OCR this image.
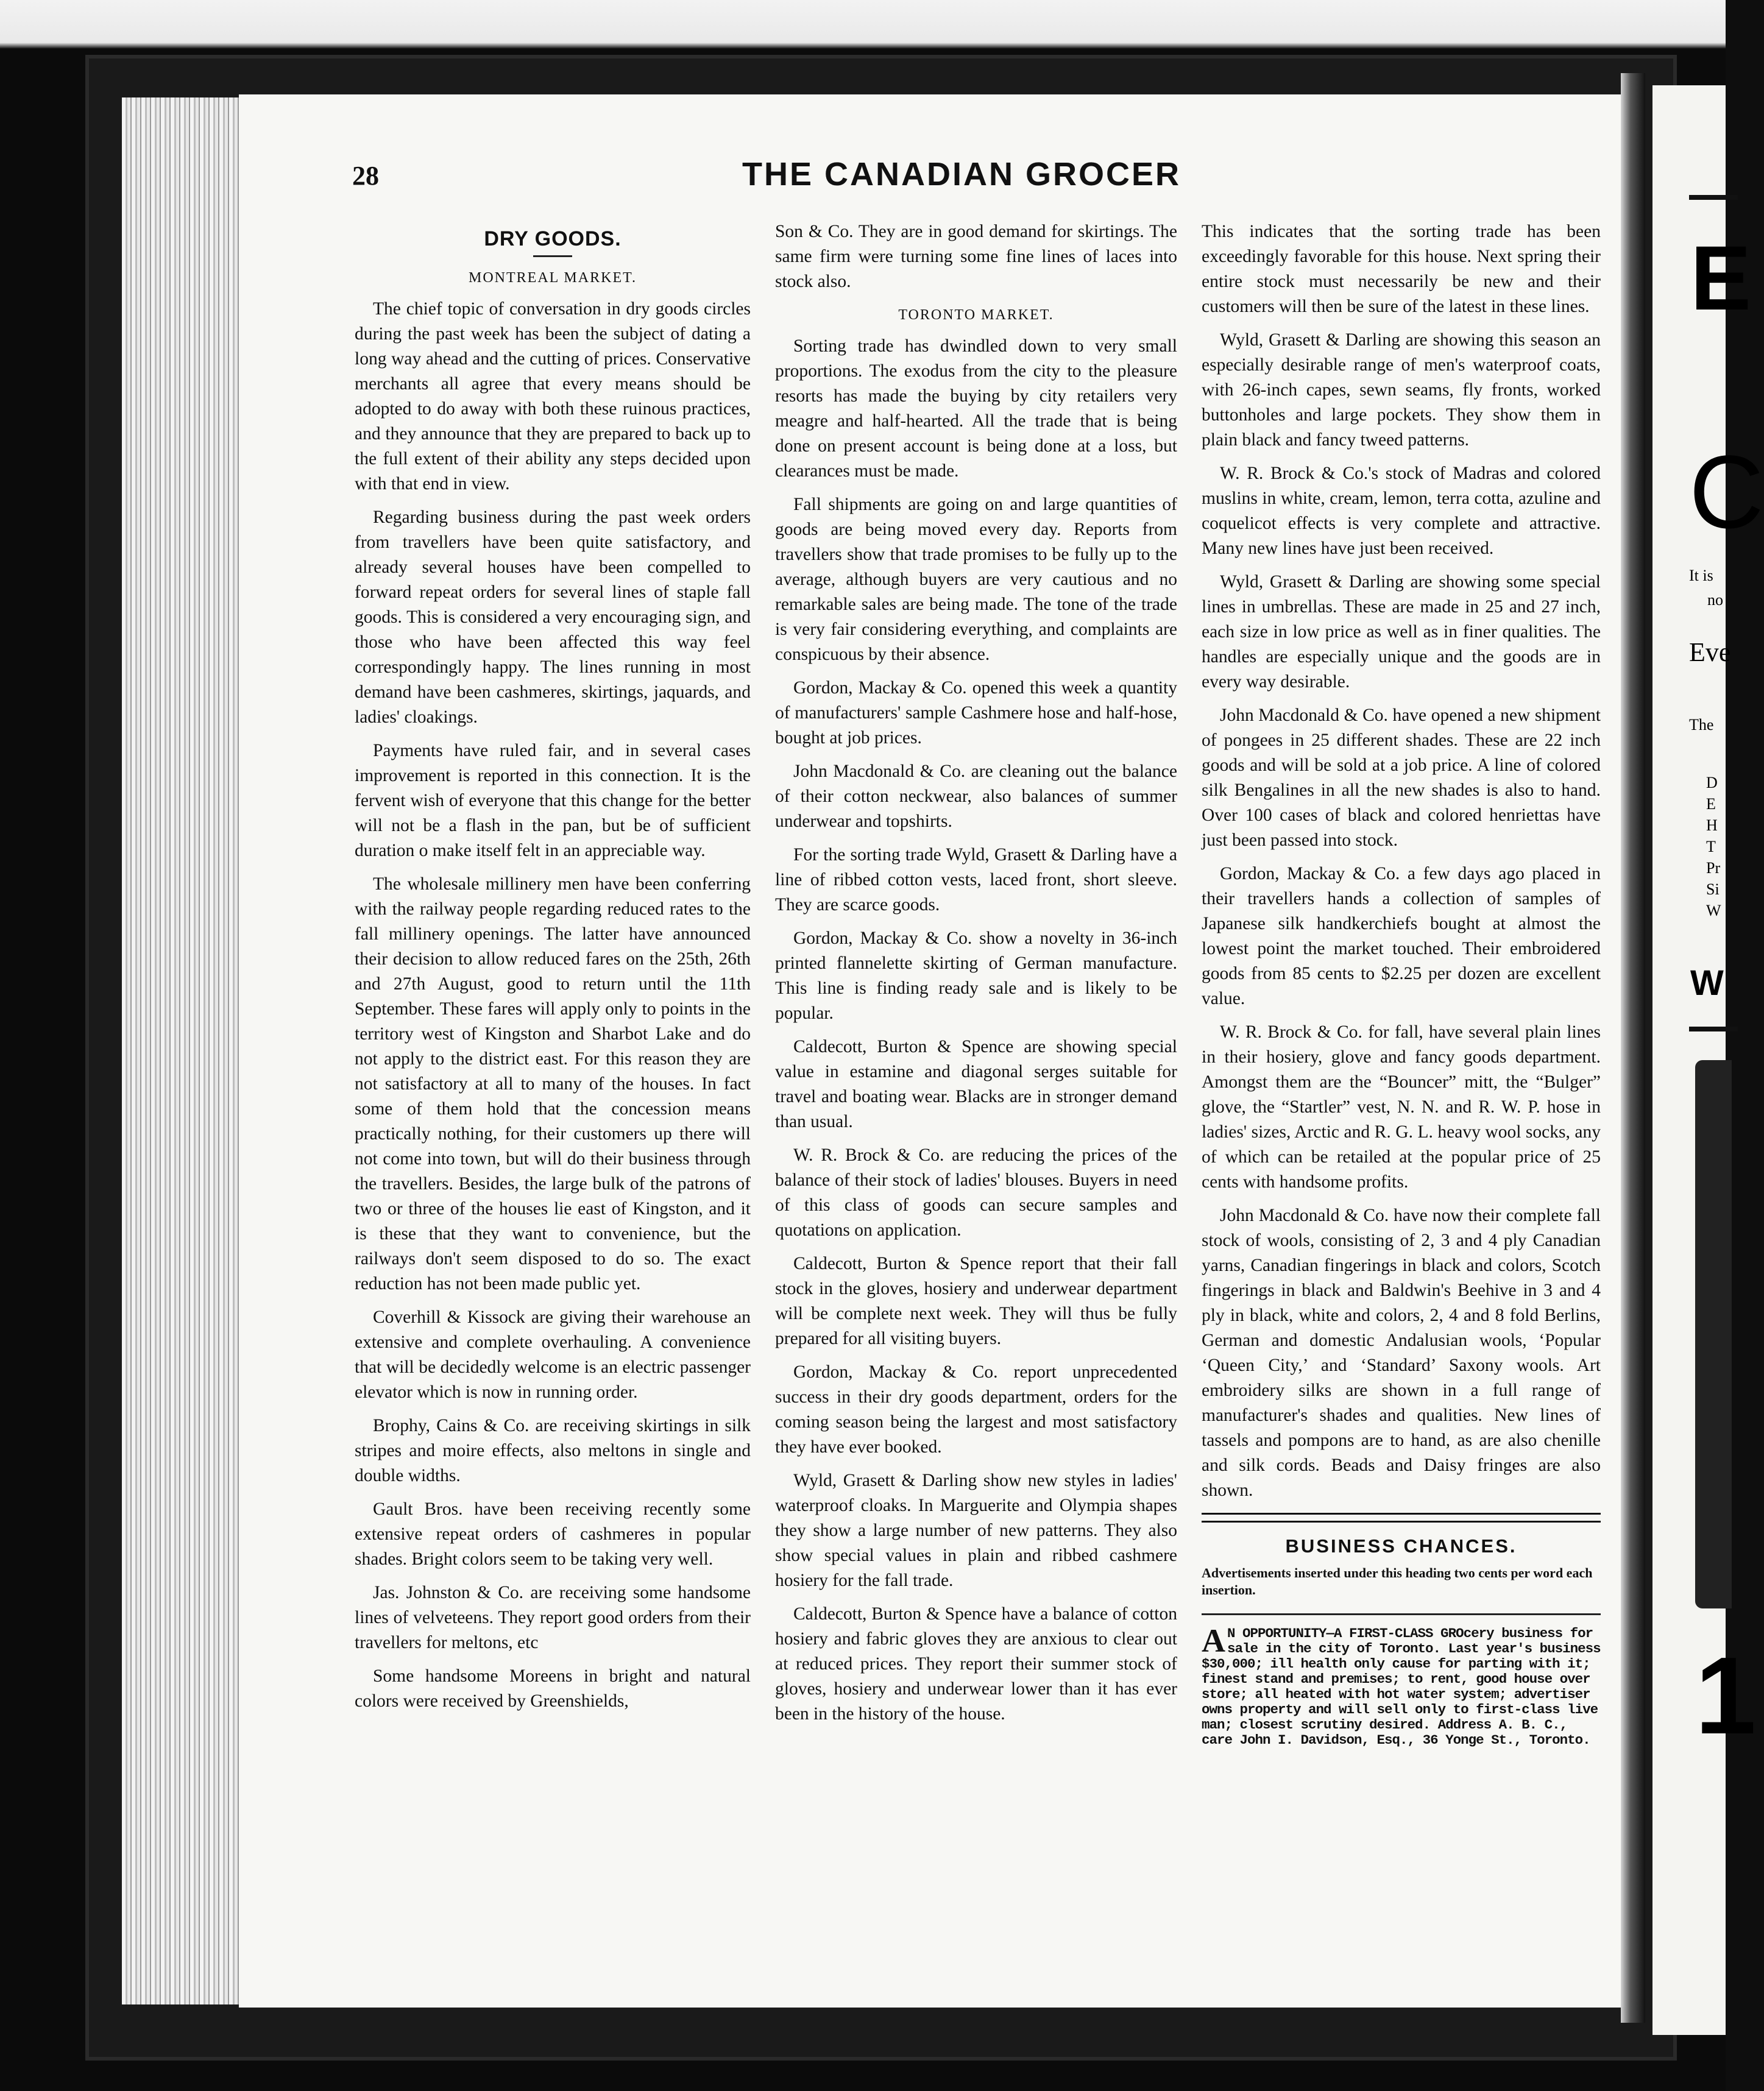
E
C
It is
no
Eve
The
D
E
H
T
Pr
Si
W
W
1
28	THE CANADIAN GROCER
DRY GOODS.
MONTREAL MARKET.

The chief topic of conversation in dry goods circles during the past week has been the subject of dating a long way ahead and the cutting of prices. Conservative merchants all agree that every means should be adopted to do away with both these ruinous practices, and they announce that they are prepared to back up to the full extent of their ability any steps decided upon with that end in view.

Regarding business during the past week orders from travellers have been quite satisfactory, and already several houses have been compelled to forward repeat orders for several lines of staple fall goods. This is considered a very encouraging sign, and those who have been affected this way feel correspondingly happy. The lines running in most demand have been cashmeres, skirtings, jaquards, and ladies' cloakings.

Payments have ruled fair, and in several cases improvement is reported in this connection. It is the fervent wish of everyone that this change for the better will not be a flash in the pan, but be of sufficient duration o make itself felt in an appreciable way.

The wholesale millinery men have been conferring with the railway people regarding reduced rates to the fall millinery openings. The latter have announced their decision to allow reduced fares on the 25th, 26th and 27th August, good to return until the 11th September. These fares will apply only to points in the territory west of Kingston and Sharbot Lake and do not apply to the district east. For this reason they are not satisfactory at all to many of the houses. In fact some of them hold that the concession means practically nothing, for their customers up there will not come into town, but will do their business through the travellers. Besides, the large bulk of the patrons of two or three of the houses lie east of Kingston, and it is these that they want to convenience, but the railways don't seem disposed to do so. The exact reduction has not been made public yet.

Coverhill & Kissock are giving their warehouse an extensive and complete overhauling. A convenience that will be decidedly welcome is an electric passenger elevator which is now in running order.

Brophy, Cains & Co. are receiving skirtings in silk stripes and moire effects, also meltons in single and double widths.

Gault Bros. have been receiving recently some extensive repeat orders of cashmeres in popular shades. Bright colors seem to be taking very well.

Jas. Johnston & Co. are receiving some handsome lines of velveteens. They report good orders from their travellers for meltons, etc

Some handsome Moreens in bright and natural colors were received by Greenshields,

Son & Co. They are in good demand for skirtings. The same firm were turning some fine lines of laces into stock also.

TORONTO MARKET.

Sorting trade has dwindled down to very small proportions. The exodus from the city to the pleasure resorts has made the buying by city retailers very meagre and half-hearted. All the trade that is being done on present account is being done at a loss, but clearances must be made.

Fall shipments are going on and large quantities of goods are being moved every day. Reports from travellers show that trade promises to be fully up to the average, although buyers are very cautious and no remarkable sales are being made. The tone of the trade is very fair considering everything, and complaints are conspicuous by their absence.

Gordon, Mackay & Co. opened this week a quantity of manufacturers' sample Cashmere hose and half-hose, bought at job prices.

John Macdonald & Co. are cleaning out the balance of their cotton neckwear, also balances of summer underwear and topshirts.

For the sorting trade Wyld, Grasett & Darling have a line of ribbed cotton vests, laced front, short sleeve. They are scarce goods.

Gordon, Mackay & Co. show a novelty in 36-inch printed flannelette skirting of German manufacture. This line is finding ready sale and is likely to be popular.

Caldecott, Burton & Spence are showing special value in estamine and diagonal serges suitable for travel and boating wear. Blacks are in stronger demand than usual.

W. R. Brock & Co. are reducing the prices of the balance of their stock of ladies' blouses. Buyers in need of this class of goods can secure samples and quotations on application.

Caldecott, Burton & Spence report that their fall stock in the gloves, hosiery and underwear department will be complete next week. They will thus be fully prepared for all visiting buyers.

Gordon, Mackay & Co. report unprecedented success in their dry goods department, orders for the coming season being the largest and most satisfactory they have ever booked.

Wyld, Grasett & Darling show new styles in ladies' waterproof cloaks. In Marguerite and Olympia shapes they show a large number of new patterns. They also show special values in plain and ribbed cashmere hosiery for the fall trade.

Caldecott, Burton & Spence have a balance of cotton hosiery and fabric gloves they are anxious to clear out at reduced prices. They report their summer stock of gloves, hosiery and underwear lower than it has ever been in the history of the house.

This indicates that the sorting trade has been exceedingly favorable for this house. Next spring their entire stock must necessarily be new and their customers will then be sure of the latest in these lines.

Wyld, Grasett & Darling are showing this season an especially desirable range of men's waterproof coats, with 26-inch capes, sewn seams, fly fronts, worked buttonholes and large pockets. They show them in plain black and fancy tweed patterns.

W. R. Brock & Co.'s stock of Madras and colored muslins in white, cream, lemon, terra cotta, azuline and coquelicot effects is very complete and attractive. Many new lines have just been received.

Wyld, Grasett & Darling are showing some special lines in umbrellas. These are made in 25 and 27 inch, each size in low price as well as in finer qualities. The handles are especially unique and the goods are in every way desirable.

John Macdonald & Co. have opened a new shipment of pongees in 25 different shades. These are 22 inch goods and will be sold at a job price. A line of colored silk Bengalines in all the new shades is also to hand. Over 100 cases of black and colored henriettas have just been passed into stock.

Gordon, Mackay & Co. a few days ago placed in their travellers hands a collection of samples of Japanese silk handkerchiefs bought at almost the lowest point the market touched. Their embroidered goods from 85 cents to $2.25 per dozen are excellent value.

W. R. Brock & Co. for fall, have several plain lines in their hosiery, glove and fancy goods department. Amongst them are the “Bouncer” mitt, the “Bulger” glove, the “Startler” vest, N. N. and R. W. P. hose in ladies' sizes, Arctic and R. G. L. heavy wool socks, any of which can be retailed at the popular price of 25 cents with handsome profits.

John Macdonald & Co. have now their complete fall stock of wools, consisting of 2, 3 and 4 ply Canadian yarns, Canadian fingerings in black and colors, Scotch fingerings in black and Baldwin's Beehive in 3 and 4 ply in black, white and colors, 2, 4 and 8 fold Berlins, German and domestic Andalusian wools, ‘Popular ‘Queen City,’ and ‘Standard’ Saxony wools. Art embroidery silks are shown in a full range of manufacturer's shades and qualities. New lines of tassels and pompons are to hand, as are also chenille and silk cords. Beads and Daisy fringes are also shown.

BUSINESS CHANCES.
Advertisements inserted under this heading two cents per word each insertion.
A N OPPORTUNITY—A FIRST-CLASS GROcery business for sale in the city of Toronto. Last year's business $30,000; ill health only cause for parting with it; finest stand and premises; to rent, good house over store; all heated with hot water system; advertiser owns property and will sell only to first-class live man; closest scrutiny desired. Address A. B. C., care John I. Davidson, Esq., 36 Yonge St., Toronto.
